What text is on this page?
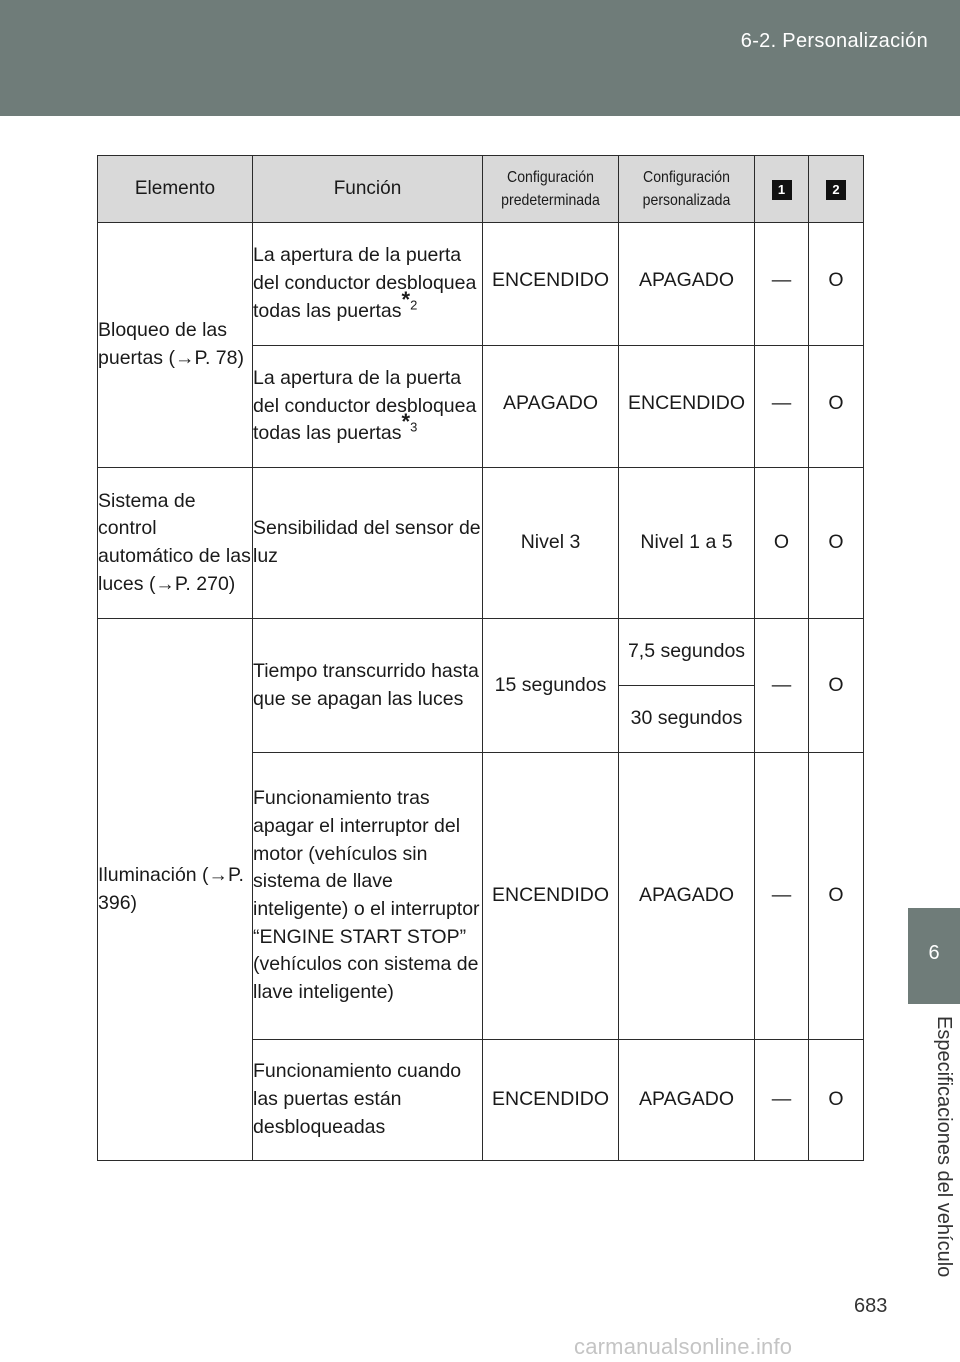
6-2. Personalización
Elemento	Función	Configuración predeterminada	Configuración personalizada	1	2
Bloqueo de las puertas (→P. 78)	La apertura de la puerta del conductor desbloquea todas las puertas*$^2$	ENCENDIDO	APAGADO	—	O
	La apertura de la puerta del conductor desbloquea todas las puertas*$^3$	APAGADO	ENCENDIDO	—	O
Sistema de control automático de las luces (→P. 270)	Sensibilidad del sensor de luz	Nivel 3	Nivel 1 a 5	O	O
Iluminación (→P. 396)	Tiempo transcurrido hasta que se apagan las luces	15 segundos	7,5 segundos	—	O
			30 segundos		
	Funcionamiento tras apagar el interruptor del motor (vehículos sin sistema de llave inteligente) o el interruptor “ENGINE START STOP” (vehículos con sistema de llave inteligente)	ENCENDIDO	APAGADO	—	O
	Funcionamiento cuando las puertas están desbloqueadas	ENCENDIDO	APAGADO	—	O
6
Especificaciones del vehículo
683
carmanualsonline.info
